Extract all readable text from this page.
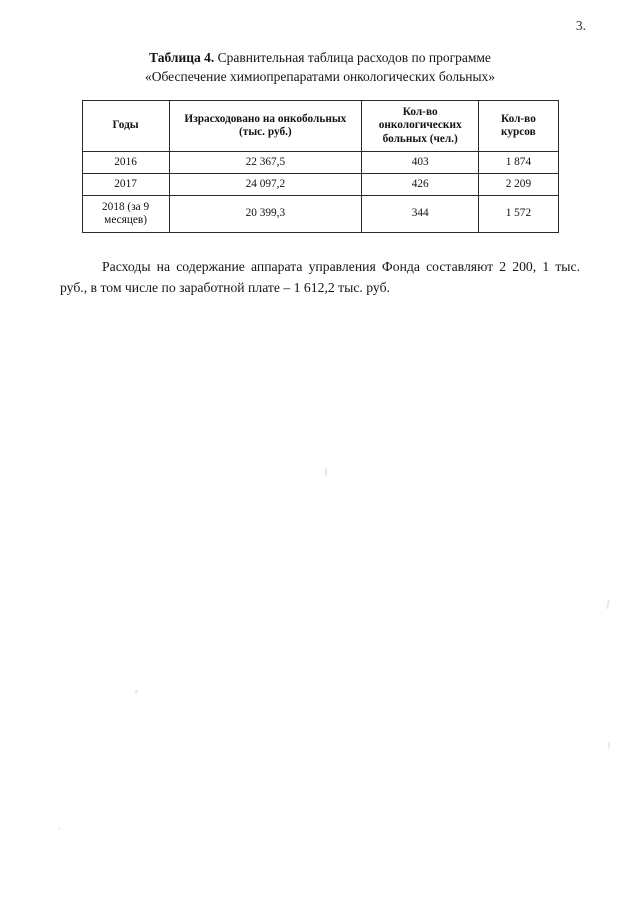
3.

Таблица 4. Сравнительная таблица расходов по программе
«Обеспечение химиопрепаратами онкологических больных»

Годы	Израсходовано на онкобольных (тыс. руб.)	Кол-во онкологических больных (чел.)	Кол-во курсов
2016	22 367,5	403	1 874
2017	24 097,2	426	2 209
2018 (за 9 месяцев)	20 399,3	344	1 572

Расходы на содержание аппарата управления Фонда составляют 2 200, 1 тыс. руб., в том числе по заработной плате – 1 612,2 тыс. руб.
